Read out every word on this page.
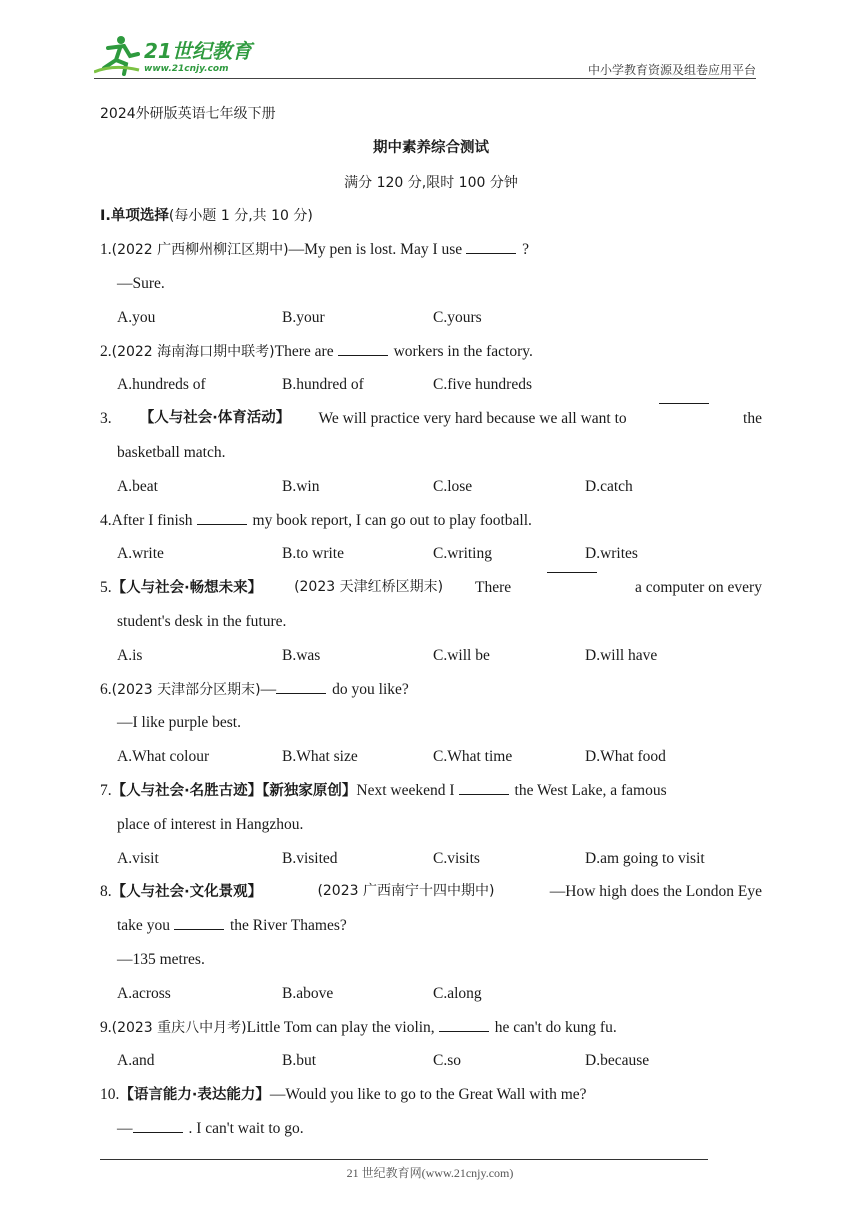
21世纪教育
www.21cnjy.com	中小学教育资源及组卷应用平台
2024外研版英语七年级下册
期中素养综合测试
满分 120 分,限时 100 分钟
Ⅰ.单项选择(每小题 1 分,共 10 分)
1.(2022 广西柳州柳江区期中)—My pen is lost. May I use	?
—Sure.
A.you	B.your	C.yours
2.(2022 海南海口期中联考)There are	workers in the factory.
A.hundreds of	B.hundred of	C.five hundreds
3. 【人与社会·体育活动】 We will practice very hard because we all want to	the
basketball match.
A.beat	B.win	C.lose	D.catch
4.After I finish	my book report, I can go out to play football.
A.write	B.to write	C.writing	D.writes
5.【人与社会·畅想未来】 (2023 天津红桥区期末) There	a computer on every
student's desk in the future.
A.is	B.was	C.will be	D.will have
6.(2023 天津部分区期末)—	do you like?
—I like purple best.
A.What colour	B.What size	C.What time	D.What food
7.【人与社会·名胜古迹】【新独家原创】Next weekend I	the West Lake, a famous
place of interest in Hangzhou.
A.visit	B.visited	C.visits	D.am going to visit
8.【人与社会·文化景观】	(2023 广西南宁十四中期中)	—How high does the London Eye
take you	the River Thames?
—135 metres.
A.across	B.above	C.along
9.(2023 重庆八中月考)Little Tom can play the violin,	he can't do kung fu.
A.and	B.but	C.so	D.because
10.【语言能力·表达能力】—Would you like to go to the Great Wall with me?
—	. I can't wait to go.
21 世纪教育网(www.21cnjy.com)
